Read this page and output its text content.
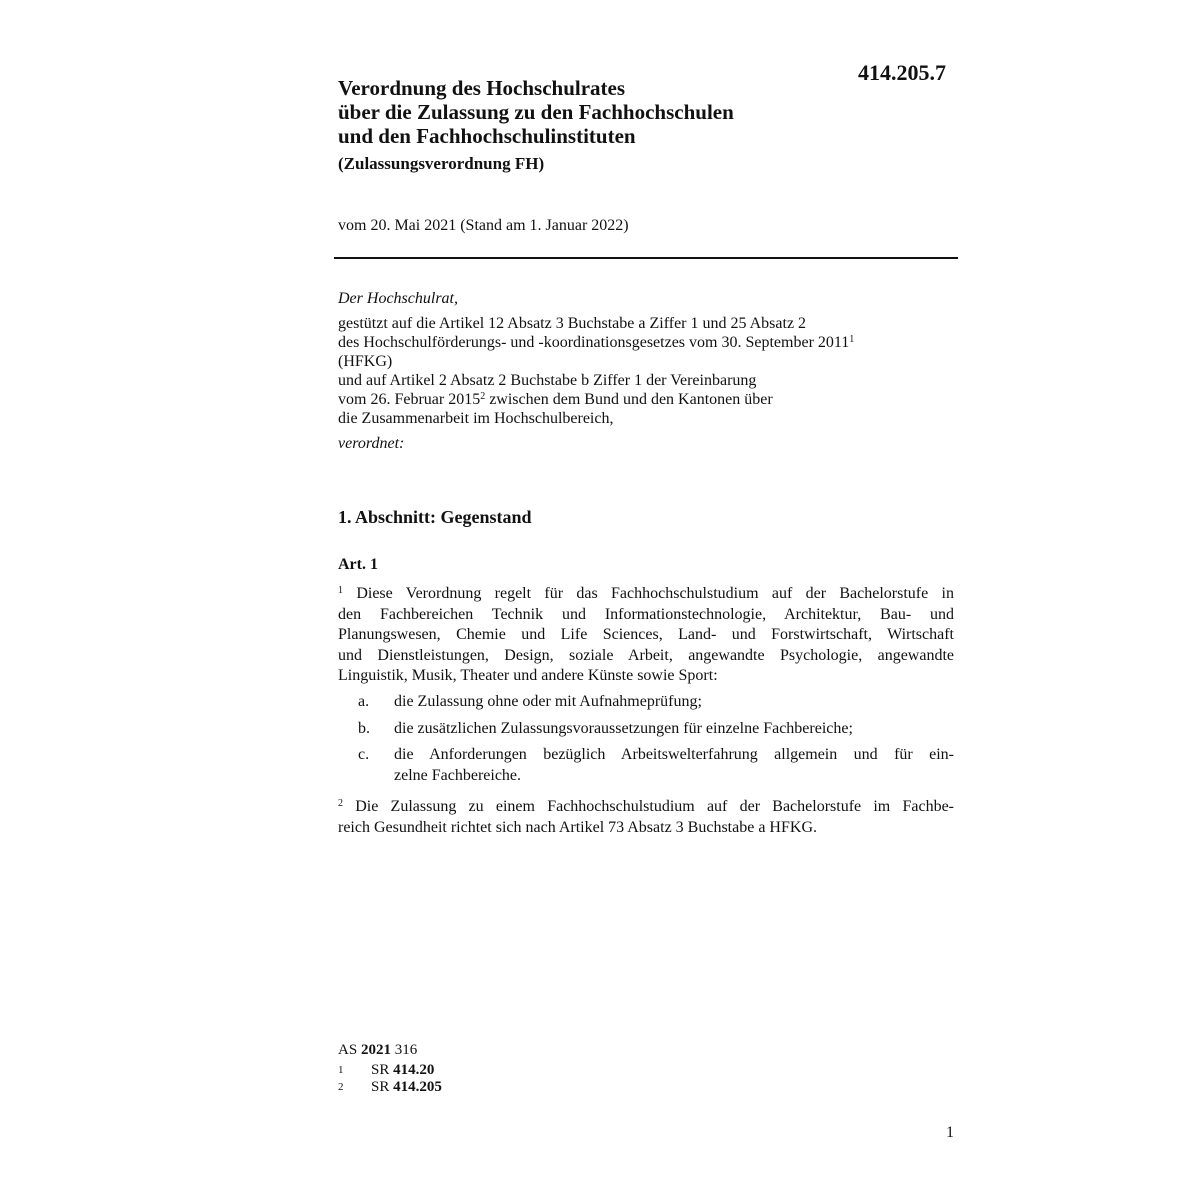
414.205.7
Verordnung des Hochschulrates
über die Zulassung zu den Fachhochschulen
und den Fachhochschulinstituten
(Zulassungsverordnung FH)
vom 20. Mai 2021 (Stand am 1. Januar 2022)
Der Hochschulrat,
gestützt auf die Artikel 12 Absatz 3 Buchstabe a Ziffer 1 und 25 Absatz 2
des Hochschulförderungs- und -koordinationsgesetzes vom 30. September 2011$^1$
(HFKG)
und auf Artikel 2 Absatz 2 Buchstabe b Ziffer 1 der Vereinbarung
vom 26. Februar 2015$^2$ zwischen dem Bund und den Kantonen über
die Zusammenarbeit im Hochschulbereich,
verordnet:
1. Abschnitt: Gegenstand
Art. 1
$^1$ Diese Verordnung regelt für das Fachhochschulstudium auf der Bachelorstufe in
den Fachbereichen Technik und Informationstechnologie, Architektur, Bau- und
Planungswesen, Chemie und Life Sciences, Land- und Forstwirtschaft, Wirtschaft
und Dienstleistungen, Design, soziale Arbeit, angewandte Psychologie, angewandte
Linguistik, Musik, Theater und andere Künste sowie Sport:
a.	die Zulassung ohne oder mit Aufnahmeprüfung;
b.	die zusätzlichen Zulassungsvoraussetzungen für einzelne Fachbereiche;
c.	die Anforderungen bezüglich Arbeitswelterfahrung allgemein und für ein-
zelne Fachbereiche.
$^2$ Die Zulassung zu einem Fachhochschulstudium auf der Bachelorstufe im Fachbe-
reich Gesundheit richtet sich nach Artikel 73 Absatz 3 Buchstabe a HFKG.
AS 2021 316
1	SR 414.20
2	SR 414.205
1
